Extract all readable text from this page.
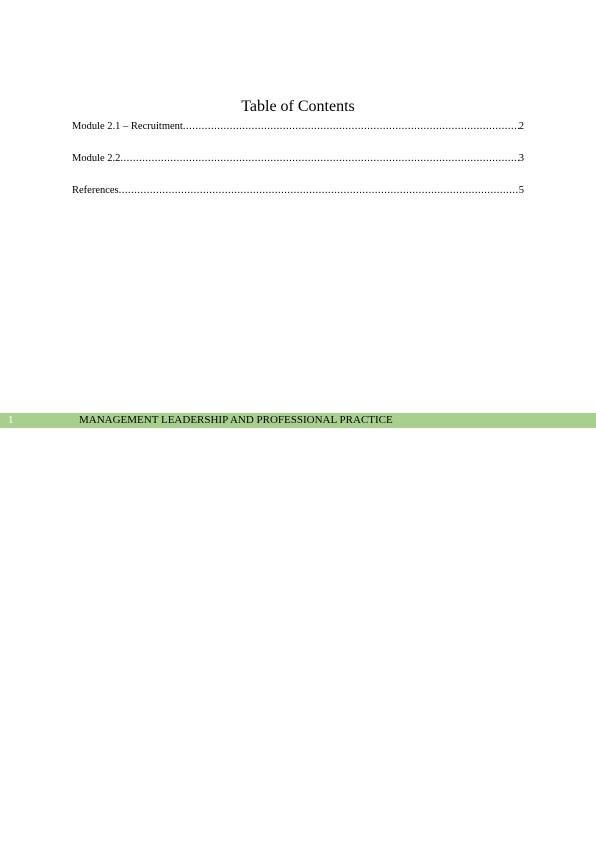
Table of Contents
Module 2.1 – Recruitment .....	2
Module 2.2 .....	3
References .....	5
1	MANAGEMENT LEADERSHIP AND PROFESSIONAL PRACTICE
